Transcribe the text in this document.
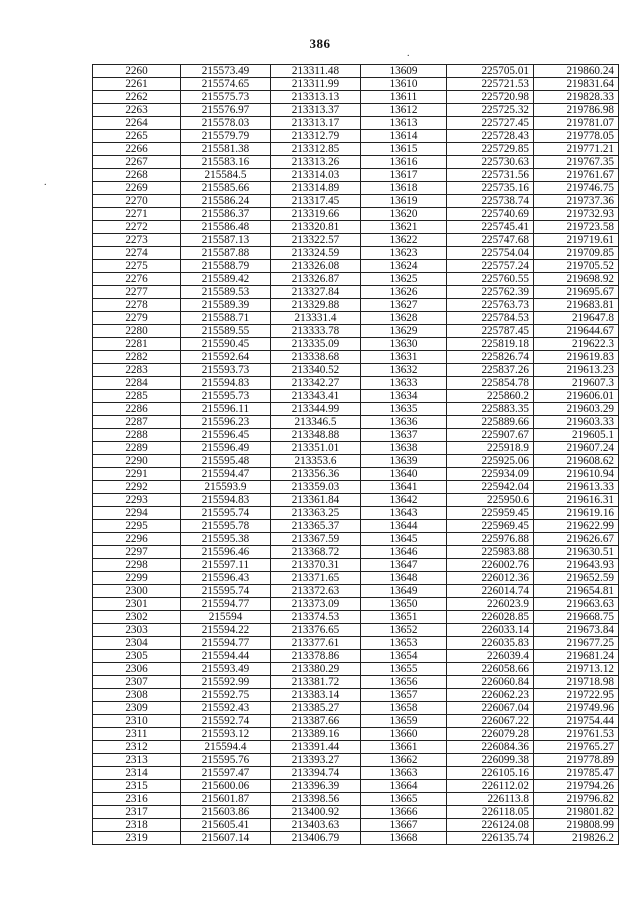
386
.
.
2260	215573.49	213311.48	13609	225705.01	219860.24
2261	215574.65	213311.99	13610	225721.53	219831.64
2262	215575.73	213313.13	13611	225720.98	219828.33
2263	215576.97	213313.37	13612	225725.32	219786.98
2264	215578.03	213313.17	13613	225727.45	219781.07
2265	215579.79	213312.79	13614	225728.43	219778.05
2266	215581.38	213312.85	13615	225729.85	219771.21
2267	215583.16	213313.26	13616	225730.63	219767.35
2268	215584.5	213314.03	13617	225731.56	219761.67
2269	215585.66	213314.89	13618	225735.16	219746.75
2270	215586.24	213317.45	13619	225738.74	219737.36
2271	215586.37	213319.66	13620	225740.69	219732.93
2272	215586.48	213320.81	13621	225745.41	219723.58
2273	215587.13	213322.57	13622	225747.68	219719.61
2274	215587.88	213324.59	13623	225754.04	219709.85
2275	215588.79	213326.08	13624	225757.24	219705.52
2276	215589.42	213326.87	13625	225760.55	219698.92
2277	215589.53	213327.84	13626	225762.39	219695.67
2278	215589.39	213329.88	13627	225763.73	219683.81
2279	215588.71	213331.4	13628	225784.53	219647.8
2280	215589.55	213333.78	13629	225787.45	219644.67
2281	215590.45	213335.09	13630	225819.18	219622.3
2282	215592.64	213338.68	13631	225826.74	219619.83
2283	215593.73	213340.52	13632	225837.26	219613.23
2284	215594.83	213342.27	13633	225854.78	219607.3
2285	215595.73	213343.41	13634	225860.2	219606.01
2286	215596.11	213344.99	13635	225883.35	219603.29
2287	215596.23	213346.5	13636	225889.66	219603.33
2288	215596.45	213348.88	13637	225907.67	219605.1
2289	215596.49	213351.01	13638	225918.9	219607.24
2290	215595.48	213353.6	13639	225925.06	219608.62
2291	215594.47	213356.36	13640	225934.09	219610.94
2292	215593.9	213359.03	13641	225942.04	219613.33
2293	215594.83	213361.84	13642	225950.6	219616.31
2294	215595.74	213363.25	13643	225959.45	219619.16
2295	215595.78	213365.37	13644	225969.45	219622.99
2296	215595.38	213367.59	13645	225976.88	219626.67
2297	215596.46	213368.72	13646	225983.88	219630.51
2298	215597.11	213370.31	13647	226002.76	219643.93
2299	215596.43	213371.65	13648	226012.36	219652.59
2300	215595.74	213372.63	13649	226014.74	219654.81
2301	215594.77	213373.09	13650	226023.9	219663.63
2302	215594	213374.53	13651	226028.85	219668.75
2303	215594.22	213376.65	13652	226033.14	219673.84
2304	215594.77	213377.61	13653	226035.83	219677.25
2305	215594.44	213378.86	13654	226039.4	219681.24
2306	215593.49	213380.29	13655	226058.66	219713.12
2307	215592.99	213381.72	13656	226060.84	219718.98
2308	215592.75	213383.14	13657	226062.23	219722.95
2309	215592.43	213385.27	13658	226067.04	219749.96
2310	215592.74	213387.66	13659	226067.22	219754.44
2311	215593.12	213389.16	13660	226079.28	219761.53
2312	215594.4	213391.44	13661	226084.36	219765.27
2313	215595.76	213393.27	13662	226099.38	219778.89
2314	215597.47	213394.74	13663	226105.16	219785.47
2315	215600.06	213396.39	13664	226112.02	219794.26
2316	215601.87	213398.56	13665	226113.8	219796.82
2317	215603.86	213400.92	13666	226118.05	219801.82
2318	215605.41	213403.63	13667	226124.08	219808.99
2319	215607.14	213406.79	13668	226135.74	219826.2
